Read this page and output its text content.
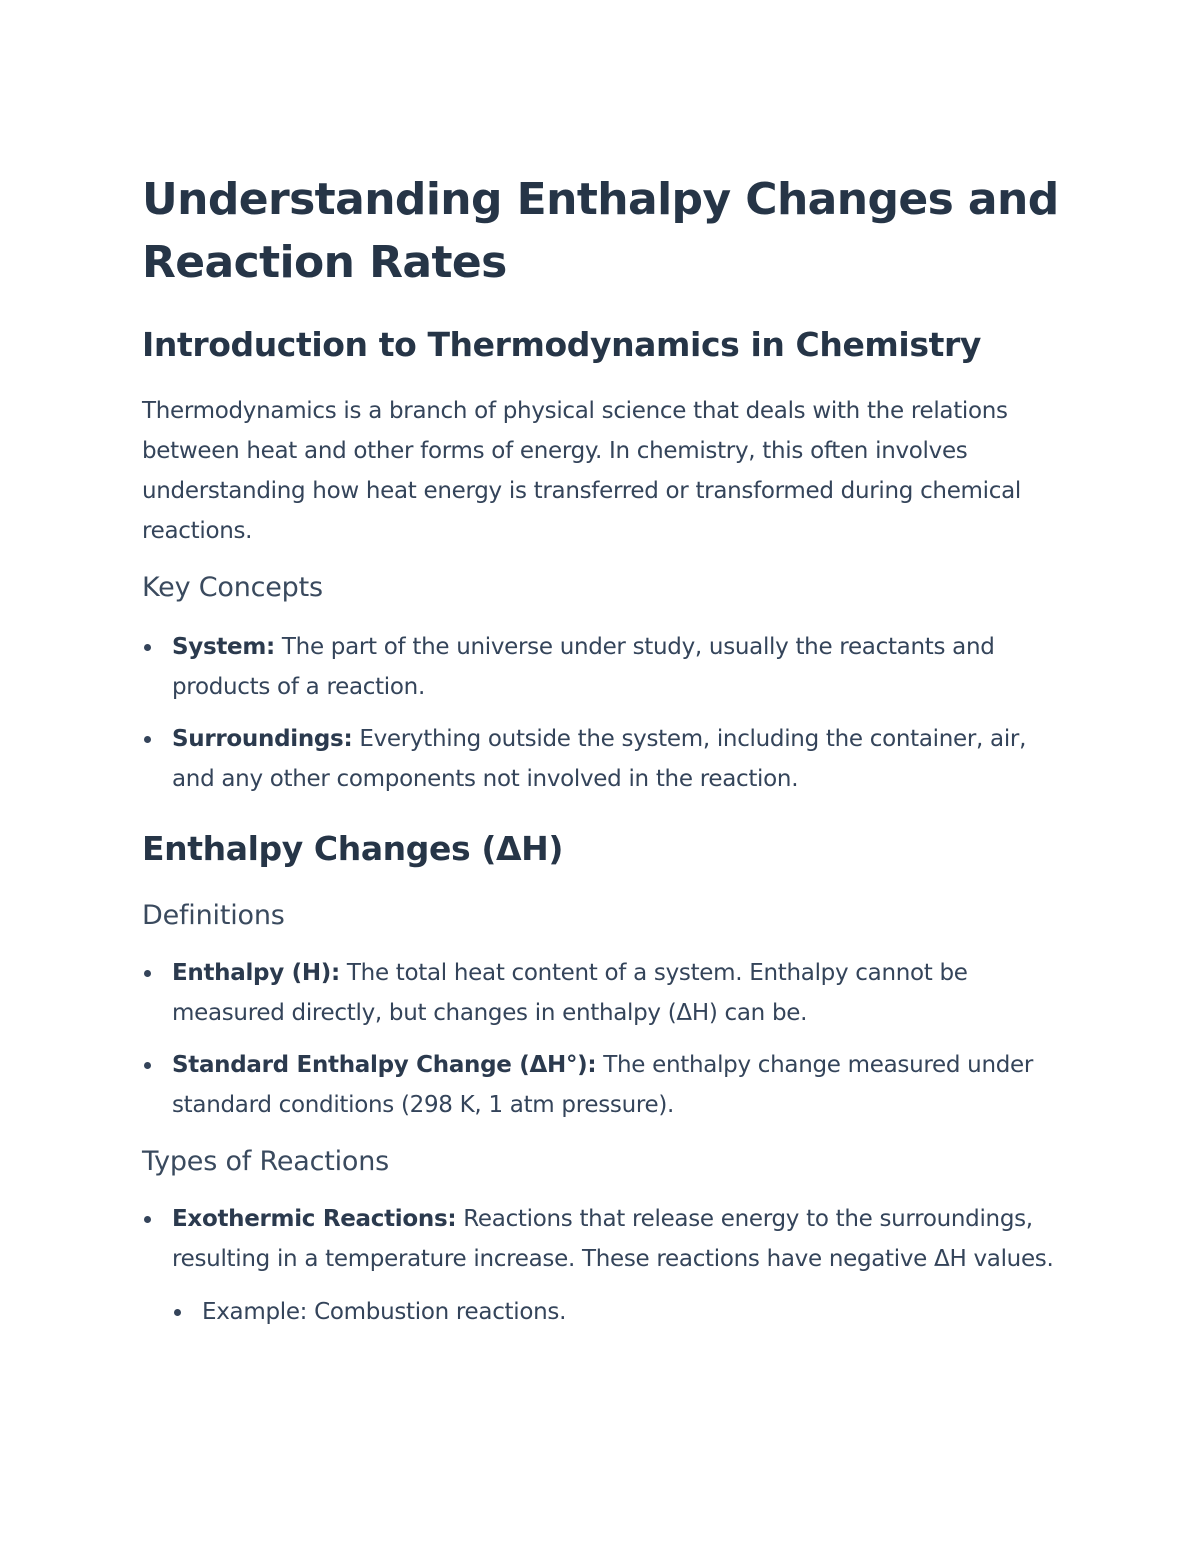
Understanding Enthalpy Changes and Reaction Rates
Introduction to Thermodynamics in Chemistry

Thermodynamics is a branch of physical science that deals with the relations between heat and other forms of energy. In chemistry, this often involves understanding how heat energy is transferred or transformed during chemical reactions.

Key Concepts
System: The part of the universe under study, usually the reactants and products of a reaction.
Surroundings: Everything outside the system, including the container, air, and any other components not involved in the reaction.
Enthalpy Changes (ΔH)
Definitions
Enthalpy (H): The total heat content of a system. Enthalpy cannot be measured directly, but changes in enthalpy (ΔH) can be.
Standard Enthalpy Change (ΔH°): The enthalpy change measured under standard conditions (298 K, 1 atm pressure).
Types of Reactions
Exothermic Reactions: Reactions that release energy to the surroundings, resulting in a temperature increase. These reactions have negative ΔH values.
Example: Combustion reactions.
